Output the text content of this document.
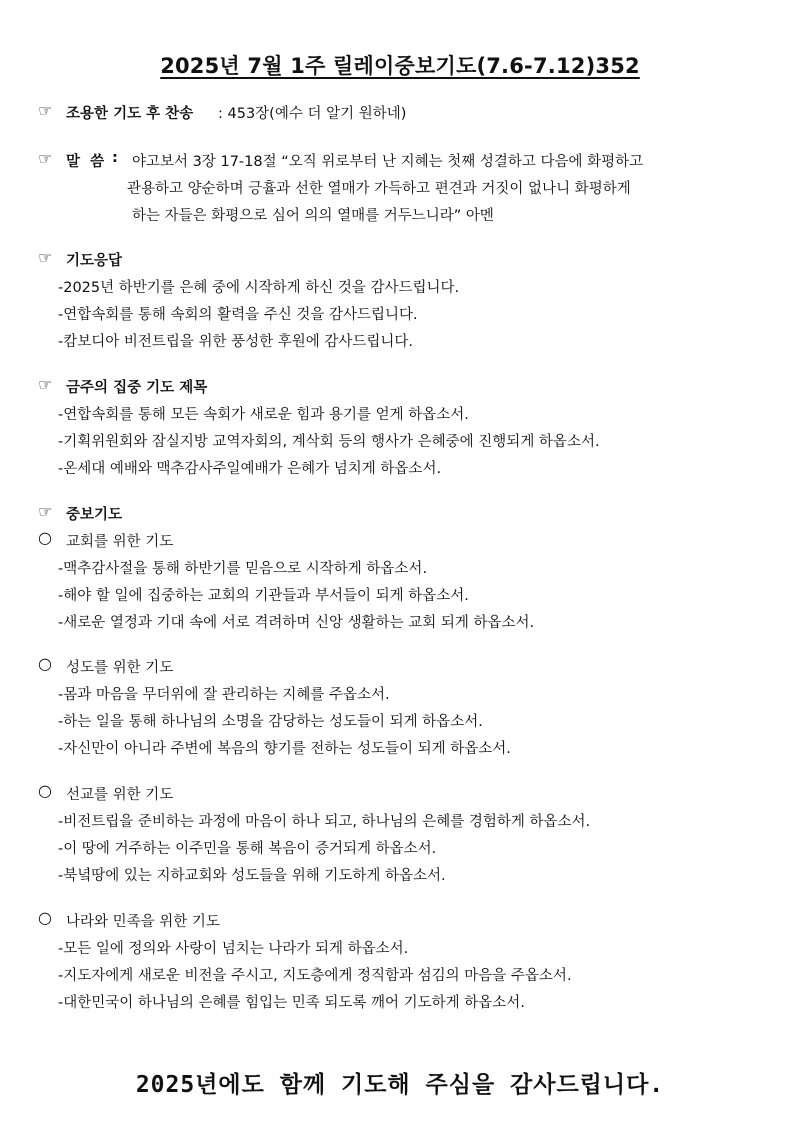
2025년 7월 1주 릴레이중보기도(7.6-7.12)352
☞ 조용한 기도 후 찬송 : 453장(예수 더 알기 원하네)
☞ 말  씀 : 야고보서 3장 17-18절 “오직 위로부터 난 지혜는 첫째 성결하고 다음에 화평하고
관용하고 양순하며 긍휼과 선한 열매가 가득하고 편견과 거짓이 없나니 화평하게
하는 자들은 화평으로 심어 의의 열매를 거두느니라” 아멘
☞ 기도응답
-2025년 하반기를 은혜 중에 시작하게 하신 것을 감사드립니다.
-연합속회를 통해 속회의 활력을 주신 것을 감사드립니다.
-캄보디아 비전트립을 위한 풍성한 후원에 감사드립니다.
☞ 금주의 집중 기도 제목
-연합속회를 통해 모든 속회가 새로운 힘과 용기를 얻게 하옵소서.
-기획위원회와 잠실지방 교역자회의, 계삭회 등의 행사가 은혜중에 진행되게 하옵소서.
-온세대 예배와 맥추감사주일예배가 은혜가 넘치게 하옵소서.
☞ 중보기도
○ 교회를 위한 기도
-맥추감사절을 통해 하반기를 믿음으로 시작하게 하옵소서.
-해야 할 일에 집중하는 교회의 기관들과 부서들이 되게 하옵소서.
-새로운 열정과 기대 속에 서로 격려하며 신앙 생활하는 교회 되게 하옵소서.
○ 성도를 위한 기도
-몸과 마음을 무더위에 잘 관리하는 지혜를 주옵소서.
-하는 일을 통해 하나님의 소명을 감당하는 성도들이 되게 하옵소서.
-자신만이 아니라 주변에 복음의 향기를 전하는 성도들이 되게 하옵소서.
○ 선교를 위한 기도
-비전트립을 준비하는 과정에 마음이 하나 되고, 하나님의 은혜를 경험하게 하옵소서.
-이 땅에 거주하는 이주민을 통해 복음이 증거되게 하옵소서.
-북녘땅에 있는 지하교회와 성도들을 위해 기도하게 하옵소서.
○ 나라와 민족을 위한 기도
-모든 일에 정의와 사랑이 넘치는 나라가 되게 하옵소서.
-지도자에게 새로운 비전을 주시고, 지도층에게 정직함과 섬김의 마음을 주옵소서.
-대한민국이 하나님의 은혜를 힘입는 민족 되도록 깨어 기도하게 하옵소서.
2025년에도 함께 기도해 주심을 감사드립니다.
